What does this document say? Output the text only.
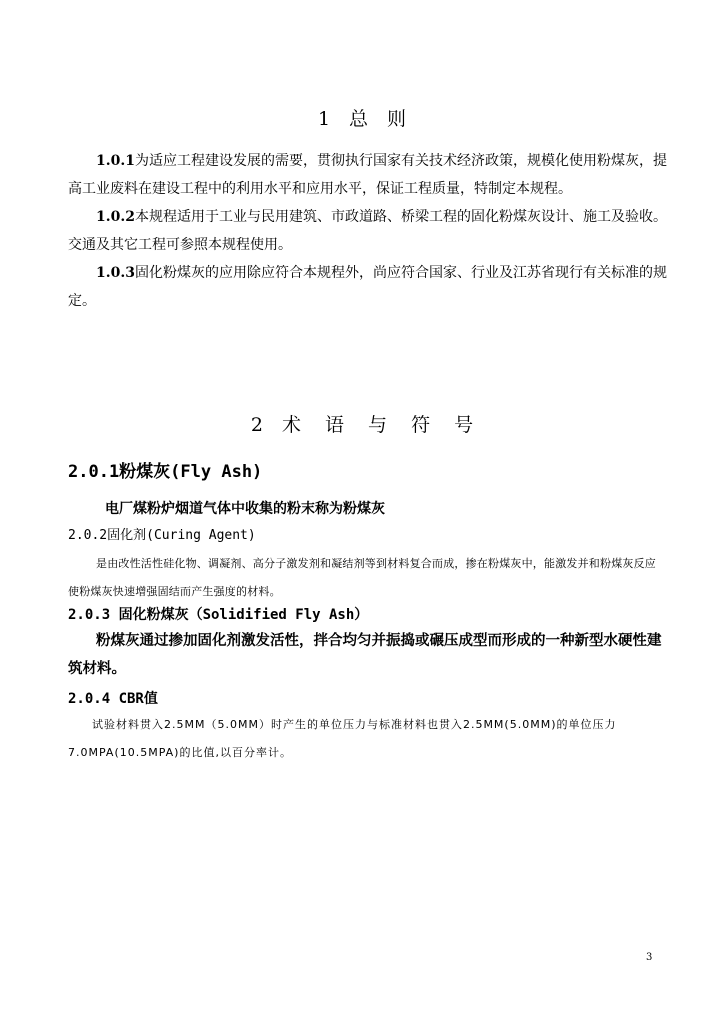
1　总　则

1.0.1为适应工程建设发展的需要，贯彻执行国家有关技术经济政策，规模化使用粉煤灰，提高工业废料在建设工程中的利用水平和应用水平，保证工程质量，特制定本规程。

1.0.2本规程适用于工业与民用建筑、市政道路、桥梁工程的固化粉煤灰设计、施工及验收。交通及其它工程可参照本规程使用。

1.0.3固化粉煤灰的应用除应符合本规程外，尚应符合国家、行业及江苏省现行有关标准的规定。

2　术 语 与 符 号
2.0.1粉煤灰(Fly Ash)
电厂煤粉炉烟道气体中收集的粉末称为粉煤灰
2.0.2固化剂(Curing Agent)

是由改性活性硅化物、调凝剂、高分子激发剂和凝结剂等到材料复合而成，掺在粉煤灰中，能激发并和粉煤灰反应使粉煤灰快速增强固结而产生强度的材料。

2.0.3 固化粉煤灰（Solidified Fly Ash）

粉煤灰通过掺加固化剂激发活性，拌合均匀并振捣或碾压成型而形成的一种新型水硬性建筑材料。

2.0.4 CBR值

试验材料贯入2.5MM（5.0MM）时产生的单位压力与标准材料也贯入2.5MM(5.0MM)的单位压力7.0MPA(10.5MPA)的比值,以百分率计。

3
